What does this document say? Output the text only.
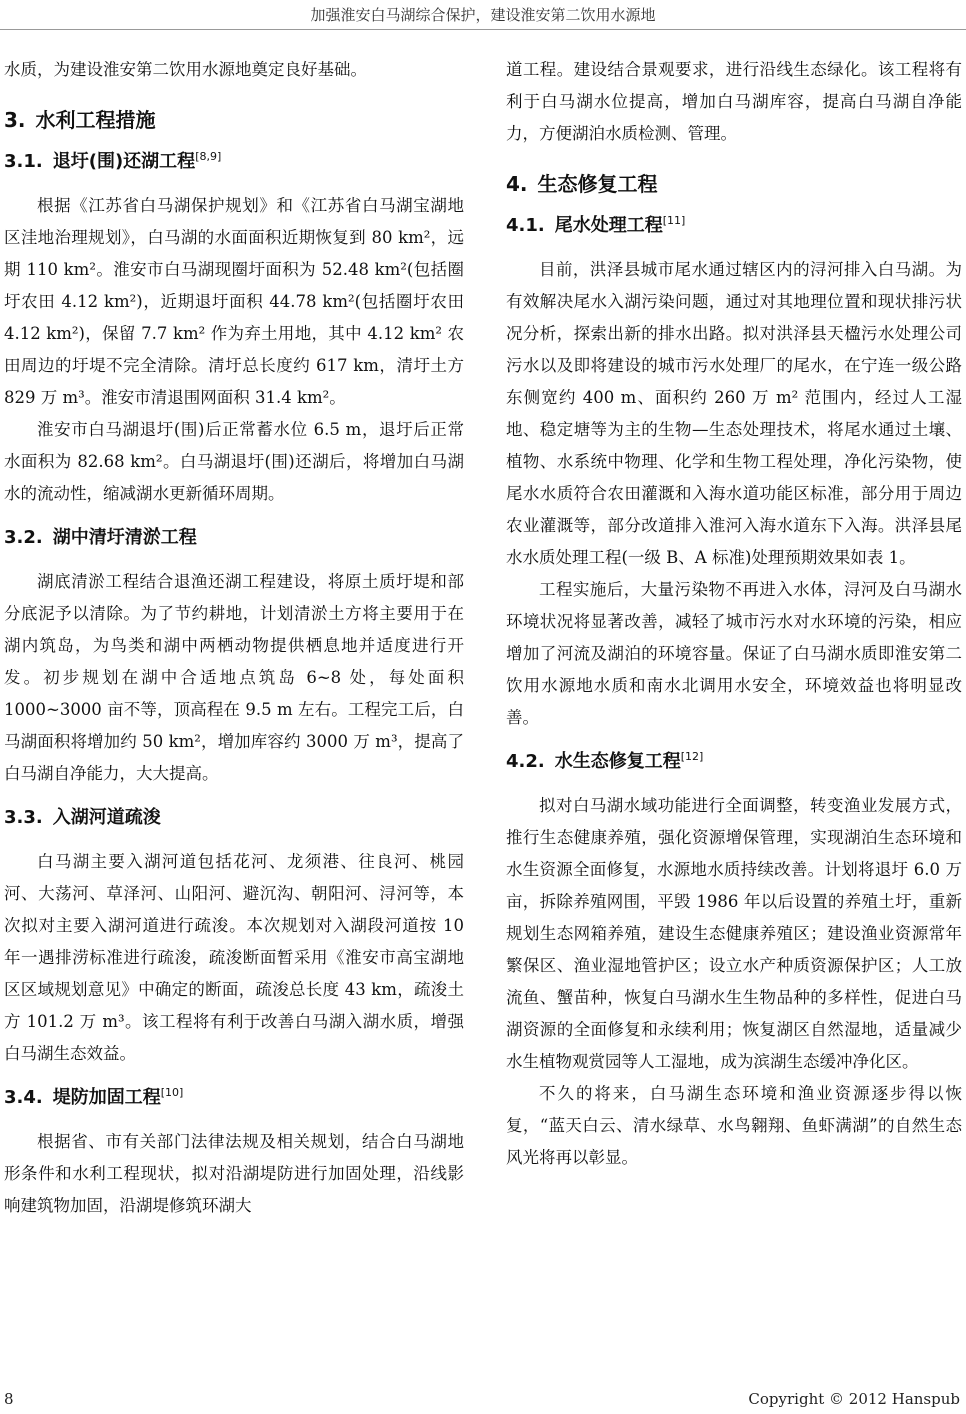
加强淮安白马湖综合保护，建设淮安第二饮用水源地

水质，为建设淮安第二饮用水源地奠定良好基础。

3. 水利工程措施
3.1. 退圩(围)还湖工程[8,9]

根据《江苏省白马湖保护规划》和《江苏省白马湖宝湖地区洼地治理规划》，白马湖的水面面积近期恢复到 80 km²，远期 110 km²。淮安市白马湖现圈圩面积为 52.48 km²(包括圈圩农田 4.12 km²)，近期退圩面积 44.78 km²(包括圈圩农田 4.12 km²)，保留 7.7 km² 作为弃土用地，其中 4.12 km² 农田周边的圩堤不完全清除。清圩总长度约 617 km，清圩土方 829 万 m³。淮安市清退围网面积 31.4 km²。

淮安市白马湖退圩(围)后正常蓄水位 6.5 m，退圩后正常水面积为 82.68 km²。白马湖退圩(围)还湖后，将增加白马湖水的流动性，缩减湖水更新循环周期。

3.2. 湖中清圩清淤工程

湖底清淤工程结合退渔还湖工程建设，将原土质圩堤和部分底泥予以清除。为了节约耕地，计划清淤土方将主要用于在湖内筑岛，为鸟类和湖中两栖动物提供栖息地并适度进行开发。初步规划在湖中合适地点筑岛 6~8 处，每处面积 1000~3000 亩不等，顶高程在 9.5 m 左右。工程完工后，白马湖面积将增加约 50 km²，增加库容约 3000 万 m³，提高了白马湖自净能力，大大提高。

3.3. 入湖河道疏浚

白马湖主要入湖河道包括花河、龙须港、往良河、桃园河、大荡河、草泽河、山阳河、避沉沟、朝阳河、浔河等，本次拟对主要入湖河道进行疏浚。本次规划对入湖段河道按 10 年一遇排涝标准进行疏浚，疏浚断面暂采用《淮安市高宝湖地区区域规划意见》中确定的断面，疏浚总长度 43 km，疏浚土方 101.2 万 m³。该工程将有利于改善白马湖入湖水质，增强白马湖生态效益。

3.4. 堤防加固工程[10]

根据省、市有关部门法律法规及相关规划，结合白马湖地形条件和水利工程现状，拟对沿湖堤防进行加固处理，沿线影响建筑物加固，沿湖堤修筑环湖大

道工程。建设结合景观要求，进行沿线生态绿化。该工程将有利于白马湖水位提高，增加白马湖库容，提高白马湖自净能力，方便湖泊水质检测、管理。

4. 生态修复工程
4.1. 尾水处理工程[11]

目前，洪泽县城市尾水通过辖区内的浔河排入白马湖。为有效解决尾水入湖污染问题，通过对其地理位置和现状排污状况分析，探索出新的排水出路。拟对洪泽县天楹污水处理公司污水以及即将建设的城市污水处理厂的尾水，在宁连一级公路东侧宽约 400 m、面积约 260 万 m² 范围内，经过人工湿地、稳定塘等为主的生物—生态处理技术，将尾水通过土壤、植物、水系统中物理、化学和生物工程处理，净化污染物，使尾水水质符合农田灌溉和入海水道功能区标准，部分用于周边农业灌溉等，部分改道排入淮河入海水道东下入海。洪泽县尾水水质处理工程(一级 B、A 标准)处理预期效果如表 1。

工程实施后，大量污染物不再进入水体，浔河及白马湖水环境状况将显著改善，减轻了城市污水对水环境的污染，相应增加了河流及湖泊的环境容量。保证了白马湖水质即淮安第二饮用水源地水质和南水北调用水安全，环境效益也将明显改善。

4.2. 水生态修复工程[12]

拟对白马湖水域功能进行全面调整，转变渔业发展方式，推行生态健康养殖，强化资源增保管理，实现湖泊生态环境和水生资源全面修复，水源地水质持续改善。计划将退圩 6.0 万亩，拆除养殖网围，平毁 1986 年以后设置的养殖土圩，重新规划生态网箱养殖，建设生态健康养殖区；建设渔业资源常年繁保区、渔业湿地管护区；设立水产种质资源保护区；人工放流鱼、蟹苗种，恢复白马湖水生生物品种的多样性，促进白马湖资源的全面修复和永续利用；恢复湖区自然湿地，适量减少水生植物观赏园等人工湿地，成为滨湖生态缓冲净化区。

不久的将来，白马湖生态环境和渔业资源逐步得以恢复，“蓝天白云、清水绿草、水鸟翱翔、鱼虾满湖”的自然生态风光将再以彰显。

8	Copyright © 2012 Hanspub
